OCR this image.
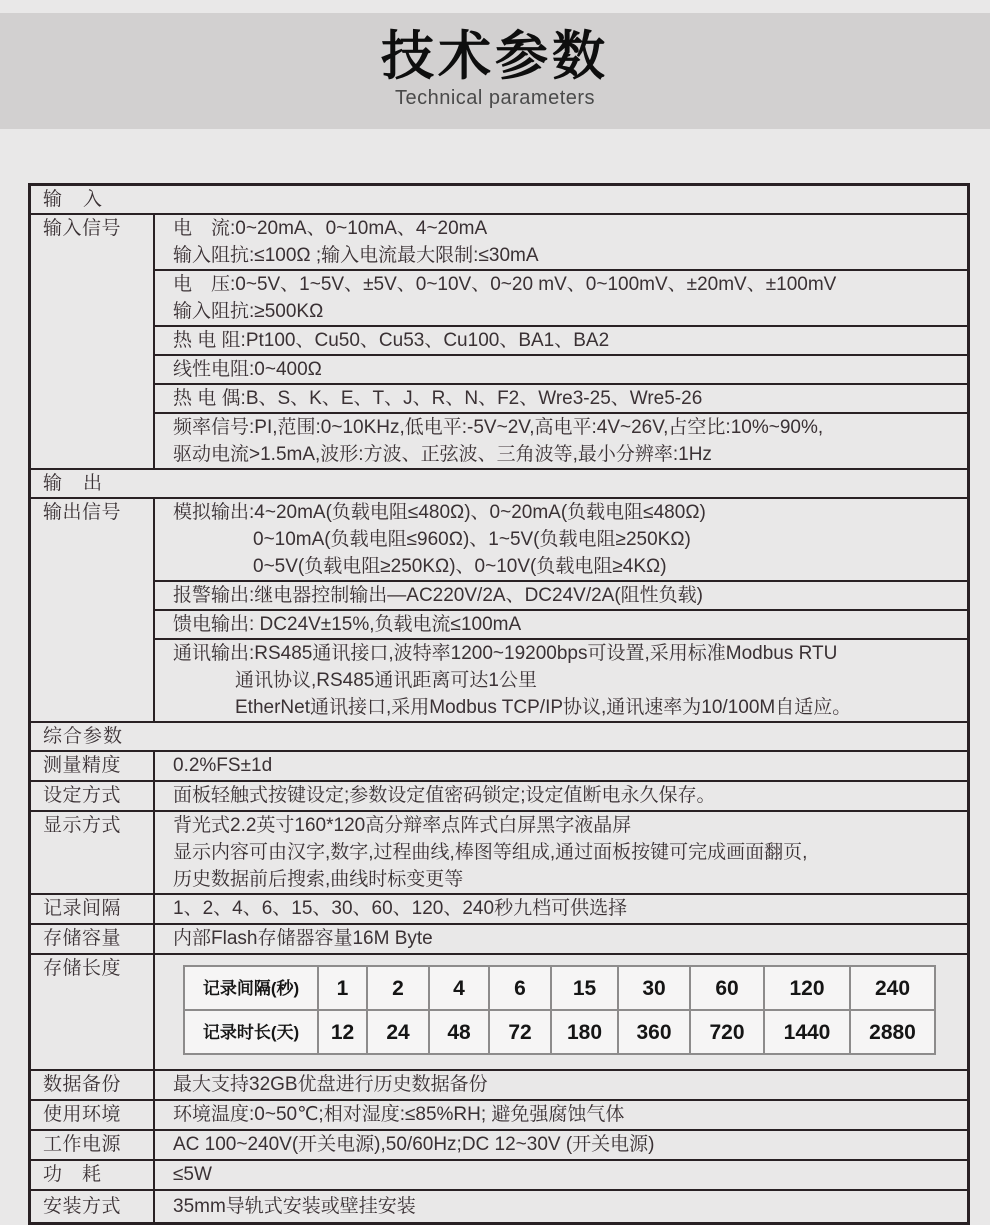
技术参数
Technical parameters
输　入
输入信号	电　流:0~20mA、0~10mA、4~20mA
输入阻抗:≤100Ω ;输入电流最大限制:≤30mA
电　压:0~5V、1~5V、±5V、0~10V、0~20 mV、0~100mV、±20mV、±100mV
输入阻抗:≥500KΩ
热 电 阻:Pt100、Cu50、Cu53、Cu100、BA1、BA2
线性电阻:0~400Ω
热 电 偶:B、S、K、E、T、J、R、N、F2、Wre3-25、Wre5-26
频率信号:PI,范围:0~10KHz,低电平:-5V~2V,高电平:4V~26V,占空比:10%~90%,
驱动电流>1.5mA,波形:方波、正弦波、三角波等,最小分辨率:1Hz
输　出
输出信号	模拟输出:4~20mA(负载电阻≤480Ω)、0~20mA(负载电阻≤480Ω)
0~10mA(负载电阻≤960Ω)、1~5V(负载电阻≥250KΩ)
0~5V(负载电阻≥250KΩ)、0~10V(负载电阻≥4KΩ)
报警输出:继电器控制输出—AC220V/2A、DC24V/2A(阻性负载)
馈电输出: DC24V±15%,负载电流≤100mA
通讯输出:RS485通讯接口,波特率1200~19200bps可设置,采用标准Modbus RTU
通讯协议,RS485通讯距离可达1公里
EtherNet通讯接口,采用Modbus TCP/IP协议,通讯速率为10/100M自适应。
综合参数
测量精度	0.2%FS±1d
设定方式	面板轻触式按键设定;参数设定值密码锁定;设定值断电永久保存。
显示方式	背光式2.2英寸160*120高分辩率点阵式白屏黑字液晶屏
显示内容可由汉字,数字,过程曲线,棒图等组成,通过面板按键可完成画面翻页,
历史数据前后搜索,曲线时标变更等
记录间隔	1、2、4、6、15、30、60、120、240秒九档可供选择
存储容量	内部Flash存储器容量16M Byte
存储长度
记录间隔(秒)	1	2	4	6	15	30	60	120	240
记录时长(天)	12	24	48	72	180	360	720	1440	2880
数据备份	最大支持32GB优盘进行历史数据备份
使用环境	环境温度:0~50℃;相对湿度:≤85%RH; 避免强腐蚀气体
工作电源	AC 100~240V(开关电源),50/60Hz;DC 12~30V (开关电源)
功　耗	≤5W
安装方式	35mm导轨式安装或壁挂安装
